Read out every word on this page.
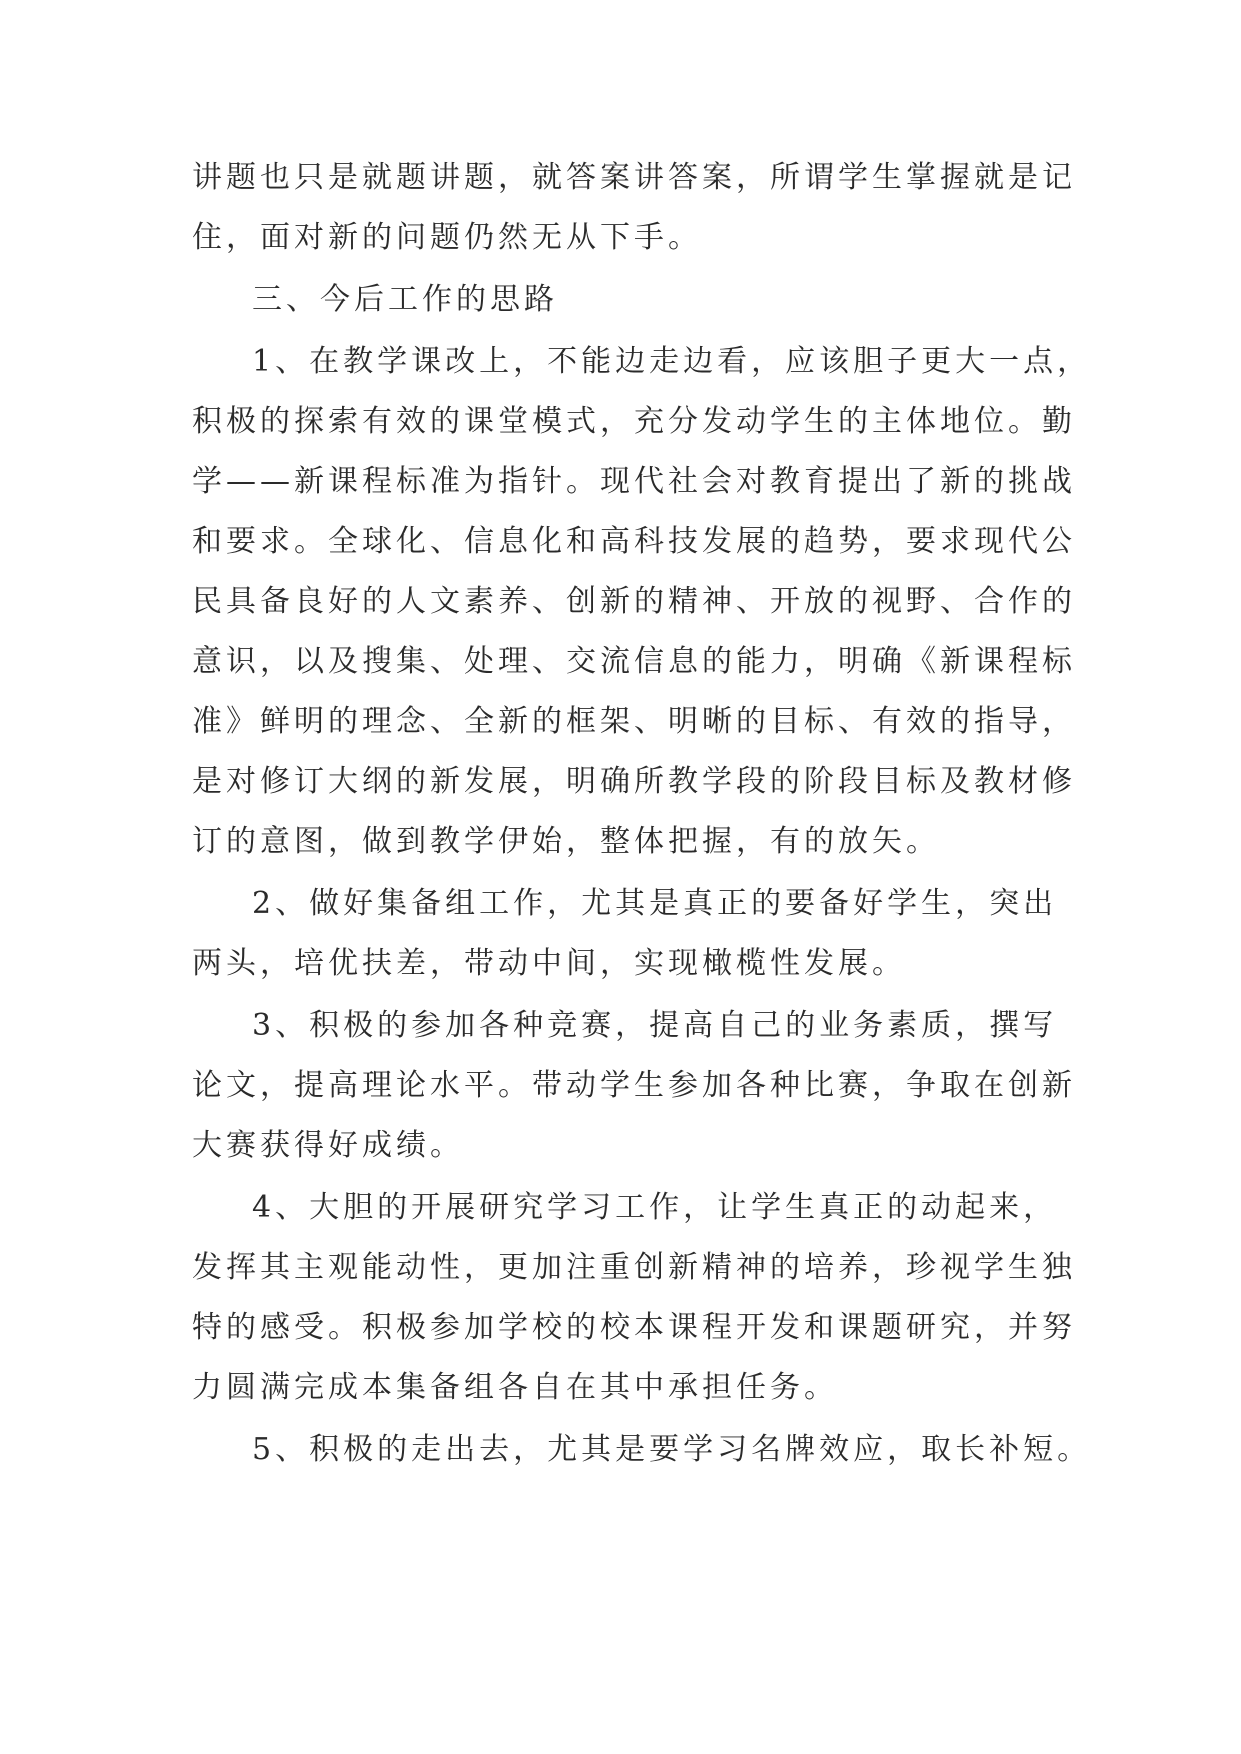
讲题也只是就题讲题，就答案讲答案，所谓学生掌握就是记
住，面对新的问题仍然无从下手。
三、今后工作的思路
1、在教学课改上，不能边走边看，应该胆子更大一点，
积极的探索有效的课堂模式，充分发动学生的主体地位。勤
学——新课程标准为指针。现代社会对教育提出了新的挑战
和要求。全球化、信息化和高科技发展的趋势，要求现代公
民具备良好的人文素养、创新的精神、开放的视野、合作的
意识，以及搜集、处理、交流信息的能力，明确《新课程标
准》鲜明的理念、全新的框架、明晰的目标、有效的指导，
是对修订大纲的新发展，明确所教学段的阶段目标及教材修
订的意图，做到教学伊始，整体把握，有的放矢。
2、做好集备组工作，尤其是真正的要备好学生，突出
两头，培优扶差，带动中间，实现橄榄性发展。
3、积极的参加各种竞赛，提高自己的业务素质，撰写
论文，提高理论水平。带动学生参加各种比赛，争取在创新
大赛获得好成绩。
4、大胆的开展研究学习工作，让学生真正的动起来，
发挥其主观能动性，更加注重创新精神的培养，珍视学生独
特的感受。积极参加学校的校本课程开发和课题研究，并努
力圆满完成本集备组各自在其中承担任务。
5、积极的走出去，尤其是要学习名牌效应，取长补短。
